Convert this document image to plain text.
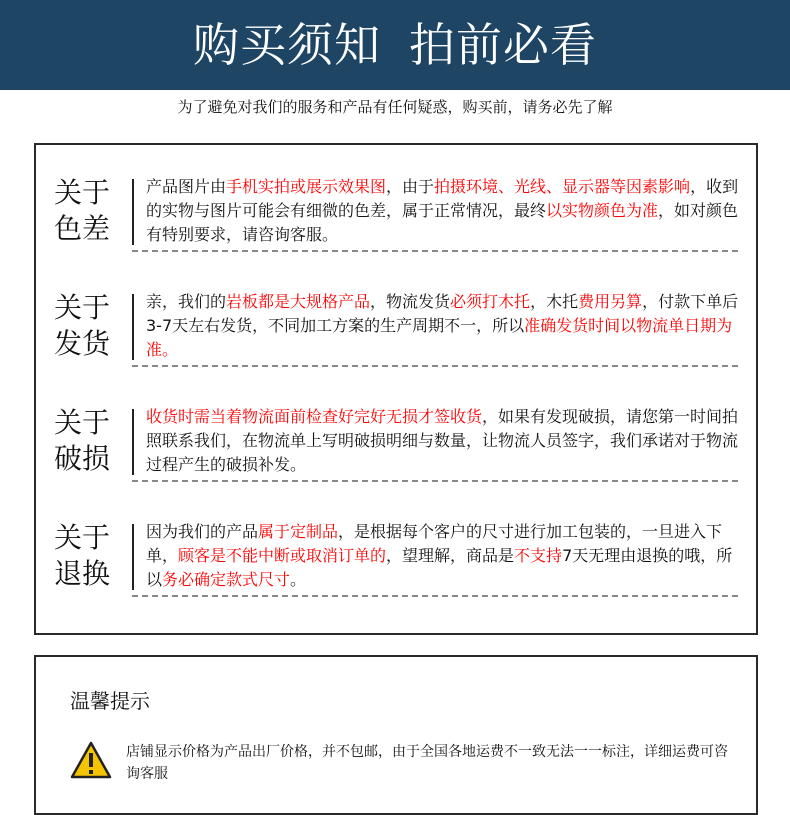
购买须知 拍前必看
为了避免对我们的服务和产品有任何疑惑，购买前，请务必先了解
关于
色差
产品图片由手机实拍或展示效果图，由于拍摄环境、光线、显示器等因素影响，收到的实物与图片可能会有细微的色差，属于正常情况，最终以实物颜色为准，如对颜色有特别要求，请咨询客服。
关于
发货
亲，我们的岩板都是大规格产品，物流发货必须打木托，木托费用另算，付款下单后3-7天左右发货，不同加工方案的生产周期不一，所以准确发货时间以物流单日期为准。
关于
破损
收货时需当着物流面前检查好完好无损才签收货，如果有发现破损，请您第一时间拍照联系我们，在物流单上写明破损明细与数量，让物流人员签字，我们承诺对于物流过程产生的破损补发。
关于
退换
因为我们的产品属于定制品，是根据每个客户的尺寸进行加工包装的，一旦进入下单，顾客是不能中断或取消订单的，望理解，商品是不支持7天无理由退换的哦，所以务必确定款式尺寸。
温馨提示
店铺显示价格为产品出厂价格，并不包邮，由于全国各地运费不一致无法一一标注，详细运费可咨询客服
